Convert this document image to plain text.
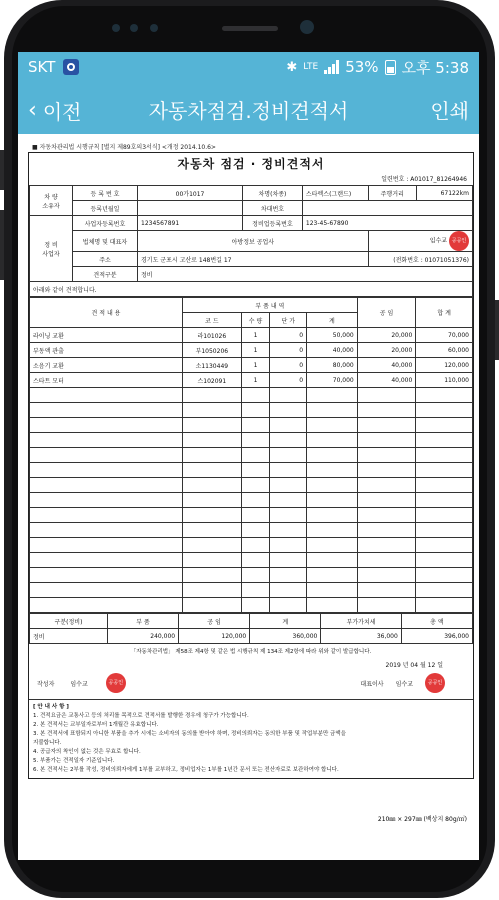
SKT	✱ LTE 53% 오후 5:38
‹ 이전	자동차점검.정비견적서	인쇄
■ 자동차관리법 시행규칙 [별지 제89호의3서식] <개정 2014.10.6>
자동차 점검 · 정비견적서
일련번호 : A01017_81264946
차 량
소유자	등 록 번 호	00가1017	차명(차종)	스타렉스(그랜드)	주행거리	67122km
	등록년월일		차대번호			
정 비
사업자	사업자등록번호	1234567891	정비업등록번호	123-45-67890		
	법체명 및 대표자	아방정보 공업사			임수교 공공인	
	주소	경기도 군포시 고산로 148번길 17			(전화번호 : 01071051376)	
	견적구분	정비				
아래와 같이 견적합니다.						
견 적 내 용	부 품 내 역				공 임	합 계
	코 드	수 량	단 가	계		
라이닝 교환	라101026	1	0	50,000	20,000	70,000
부동액 관출	부1050206	1	0	40,000	20,000	60,000
소음기 교환	소1130449	1	0	80,000	40,000	120,000
스타트 모터	스102091	1	0	70,000	40,000	110,000

구분(정비)	부 품	공 임	계	부가가치세	총 액
정비	240,000	120,000	360,000	36,000	396,000
「자동차관리법」 제58조 제4항 및 같은 법 시행규칙 제 134조 제2항에 따라 위와 같이 발급합니다.
2019 년 04 월 12 일
작성자	임수교	공공인	대표이사 임수교	공공인
[ 안 내 사 항 ]
1. 견적요금은 교통사고 등의 처리를 목적으로 견적서를 발행한 경우에 청구가 가능합니다.
2. 본 견적서는 교부일자로부터 1개월간 유효합니다.
3. 본 견적서에 표함되지 아니한 부품을 추가 시에는 소비자의 동의를 받아야 하며, 정비의뢰자는 동의한 부품 및 작업부분만 금액을
지불합니다.
4. 공급자의 착인이 없는 것은 무효로 합니다.
5. 부품가는 견적일자 기준입니다.
6. 본 견적서는 2부를 작성, 정비의뢰자에게 1부를 교부하고, 정비업자는 1부를 1년간 문서 또는 전산자료로 보관하여야 합니다.
210㎜ × 297㎜ (백상지 80g/㎡)
